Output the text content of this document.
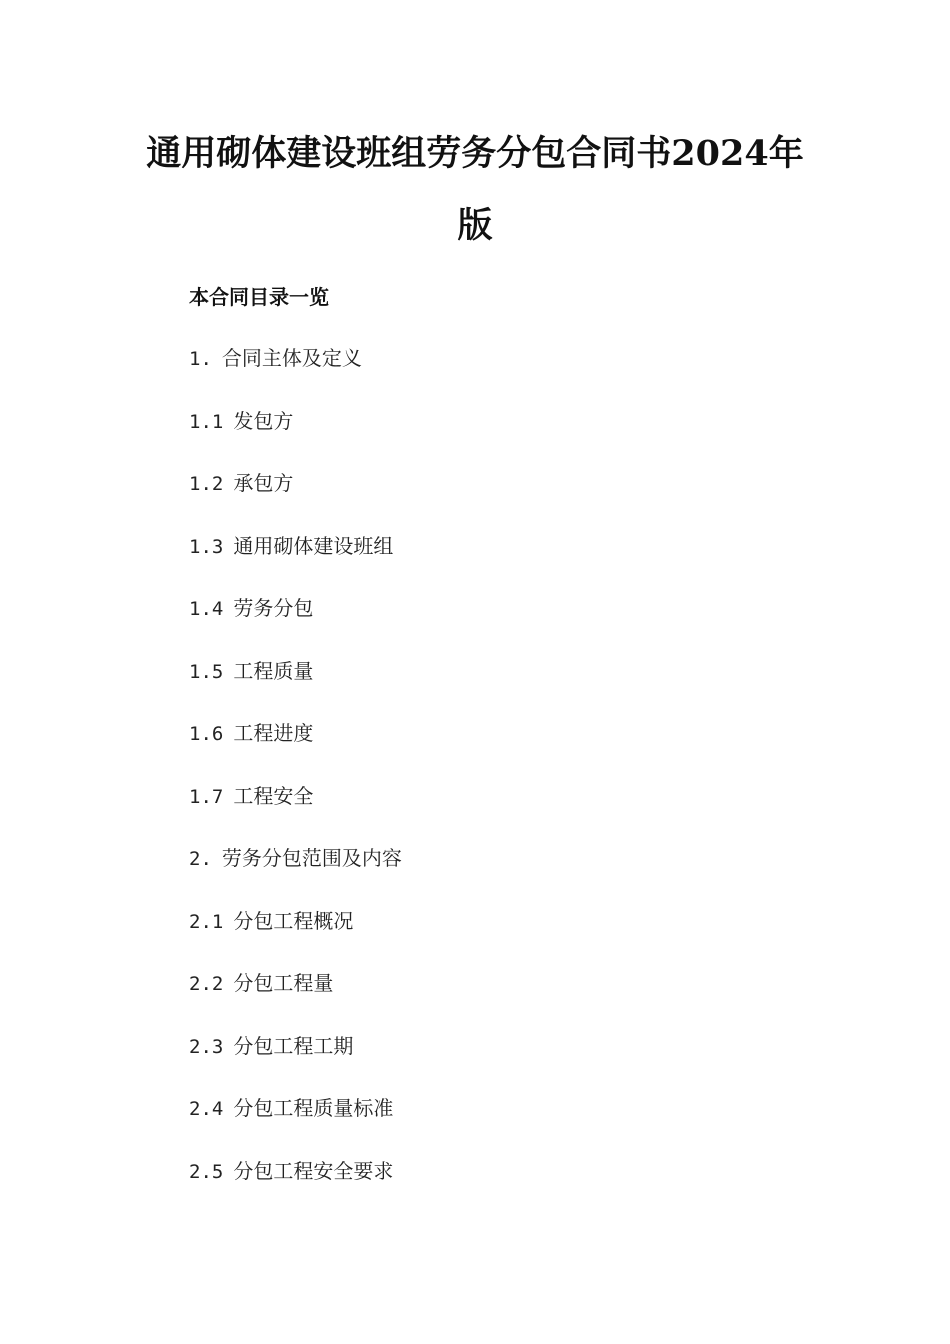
通用砌体建设班组劳务分包合同书2024年
版
本合同目录一览
1. 合同主体及定义
1.1 发包方
1.2 承包方
1.3 通用砌体建设班组
1.4 劳务分包
1.5 工程质量
1.6 工程进度
1.7 工程安全
2. 劳务分包范围及内容
2.1 分包工程概况
2.2 分包工程量
2.3 分包工程工期
2.4 分包工程质量标准
2.5 分包工程安全要求
